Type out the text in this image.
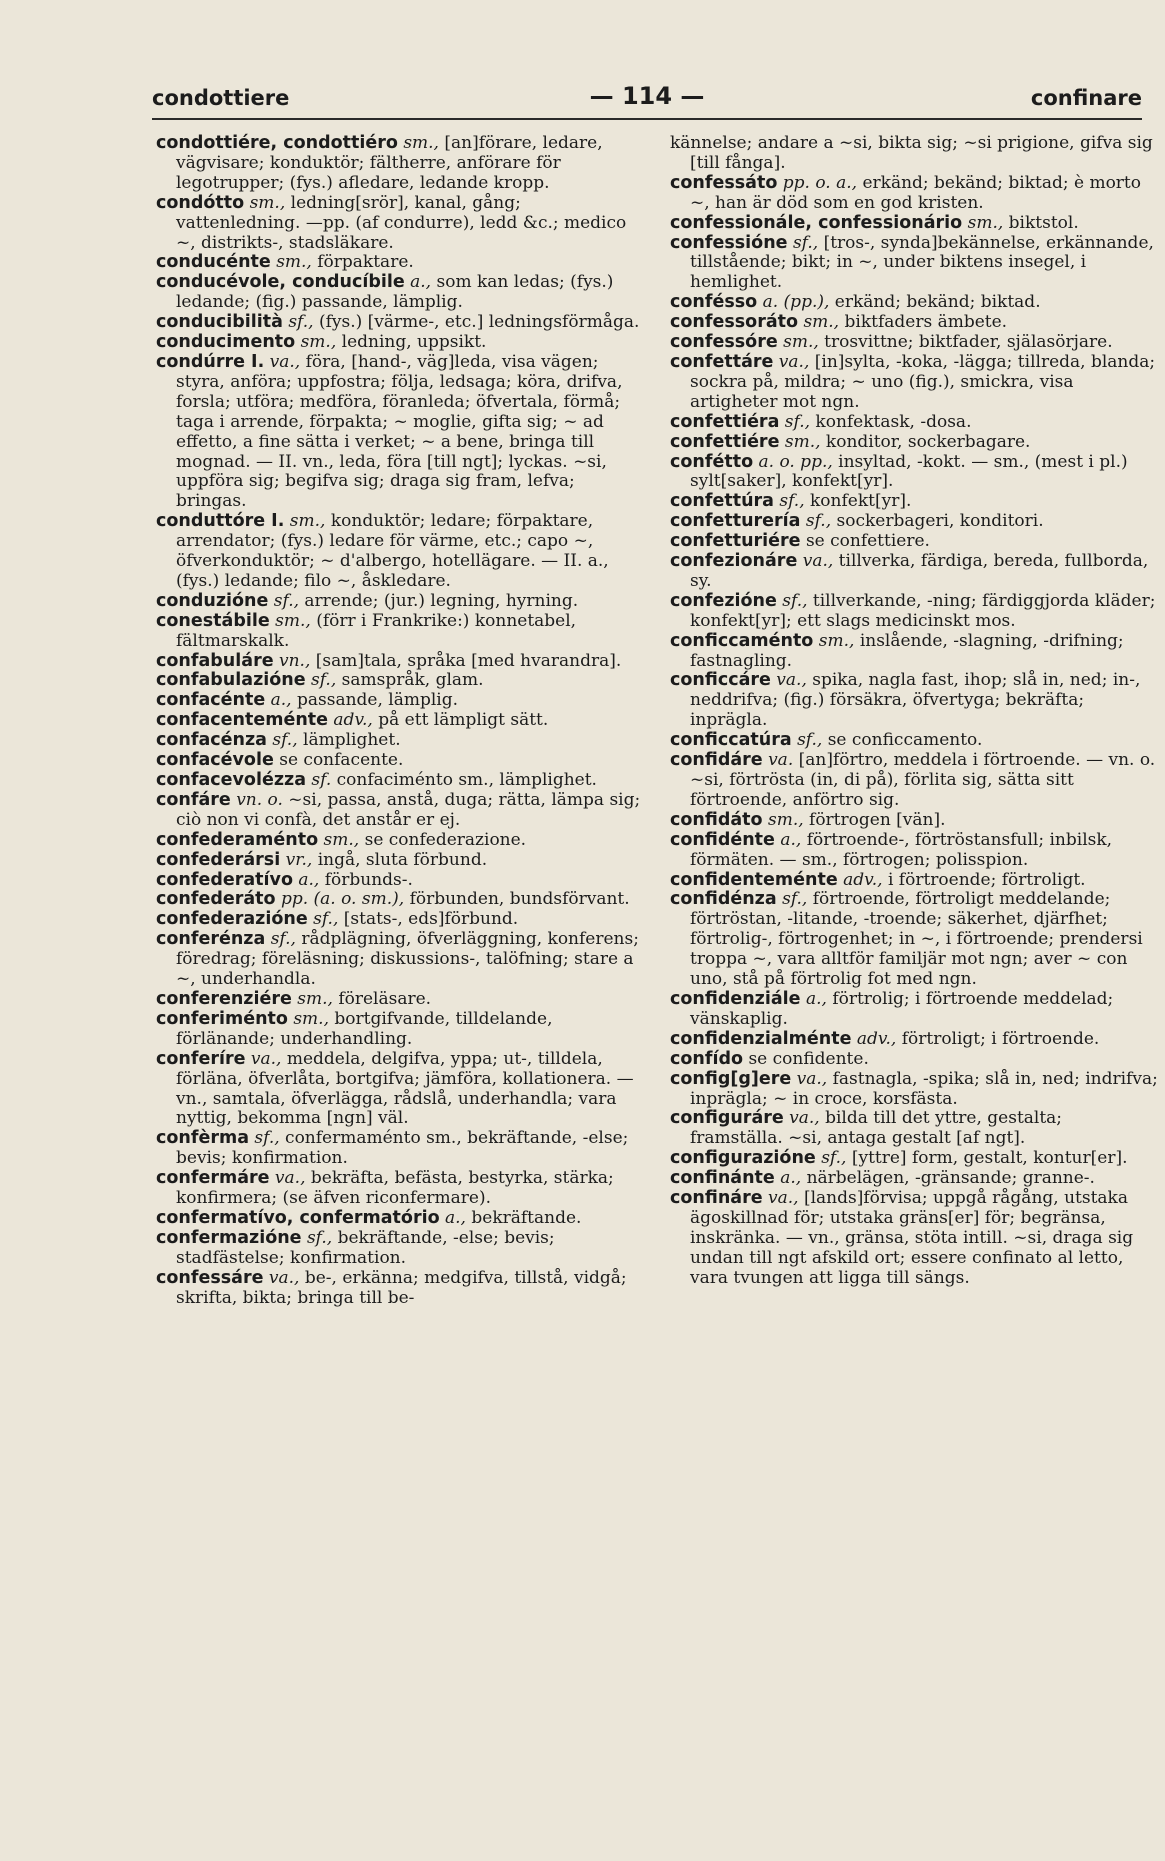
— 114 —
condottiere	confinare

condottiére, condottiéro sm., [an]förare, ledare, vägvisare; konduktör; fältherre, anförare för legotrupper; (fys.) afledare, ledande kropp.

condótto sm., ledning[srör], kanal, gång; vattenledning. —pp. (af condurre), ledd &c.; medico ~, distrikts-, stadsläkare.

conducénte sm., förpaktare.

conducévole, conducíbile a., som kan ledas; (fys.) ledande; (fig.) passande, lämplig.

conducibilità sf., (fys.) [värme-, etc.] ledningsförmåga.

conducimento sm., ledning, uppsikt.

condúrre I. va., föra, [hand-, väg]leda, visa vägen; styra, anföra; uppfostra; följa, ledsaga; köra, drifva, forsla; utföra; medföra, föranleda; öfvertala, förmå; taga i arrende, förpakta; ~ moglie, gifta sig; ~ ad effetto, a fine sätta i verket; ~ a bene, bringa till mognad. — II. vn., leda, föra [till ngt]; lyckas. ~si, uppföra sig; begifva sig; draga sig fram, lefva; bringas.

conduttóre I. sm., konduktör; ledare; förpaktare, arrendator; (fys.) ledare för värme, etc.; capo ~, öfverkonduktör; ~ d'albergo, hotellägare. — II. a., (fys.) ledande; filo ~, åskledare.

conduzióne sf., arrende; (jur.) legning, hyrning.

conestábile sm., (förr i Frankrike:) konnetabel, fältmarskalk.

confabuláre vn., [sam]tala, språka [med hvarandra].

confabulazióne sf., samspråk, glam.

confacénte a., passande, lämplig.

confacenteménte adv., på ett lämpligt sätt.

confacénza sf., lämplighet.

confacévole se confacente.

confacevolézza sf. confaciménto sm., lämplighet.

confáre vn. o. ~si, passa, anstå, duga; rätta, lämpa sig; ciò non vi confà, det anstår er ej.

confederaménto sm., se confederazione.

confederársi vr., ingå, sluta förbund.

confederatívo a., förbunds-.

confederáto pp. (a. o. sm.), förbunden, bundsförvant.

confederazióne sf., [stats-, eds]förbund.

conferénza sf., rådplägning, öfverläggning, konferens; föredrag; föreläsning; diskussions-, talöfning; stare a ~, underhandla.

conferenziére sm., föreläsare.

conferiménto sm., bortgifvande, tilldelande, förlänande; underhandling.

conferíre va., meddela, delgifva, yppa; ut-, tilldela, förläna, öfverlåta, bortgifva; jämföra, kollationera. — vn., samtala, öfverlägga, rådslå, underhandla; vara nyttig, bekomma [ngn] väl.

confèrma sf., confermaménto sm., bekräftande, -else; bevis; konfirmation.

confermáre va., bekräfta, befästa, bestyrka, stärka; konfirmera; (se äfven riconfermare).

confermatívo, confermatório a., bekräftande.

confermazióne sf., bekräftande, -else; bevis; stadfästelse; konfirmation.

confessáre va., be-, erkänna; medgifva, tillstå, vidgå; skrifta, bikta; bringa till be-

kännelse; andare a ~si, bikta sig; ~si prigione, gifva sig [till fånga].

confessáto pp. o. a., erkänd; bekänd; biktad; è morto ~, han är död som en god kristen.

confessionále, confessionário sm., biktstol.

confessióne sf., [tros-, synda]bekännelse, erkännande, tillstående; bikt; in ~, under biktens insegel, i hemlighet.

confésso a. (pp.), erkänd; bekänd; biktad.

confessoráto sm., biktfaders ämbete.

confessóre sm., trosvittne; biktfader, själasörjare.

confettáre va., [in]sylta, -koka, -lägga; tillreda, blanda; sockra på, mildra; ~ uno (fig.), smickra, visa artigheter mot ngn.

confettiéra sf., konfektask, -dosa.

confettiére sm., konditor, sockerbagare.

confétto a. o. pp., insyltad, -kokt. — sm., (mest i pl.) sylt[saker], konfekt[yr].

confettúra sf., konfekt[yr].

confetturería sf., sockerbageri, konditori.

confetturiére se confettiere.

confezionáre va., tillverka, färdiga, bereda, fullborda, sy.

confezióne sf., tillverkande, -ning; färdiggjorda kläder; konfekt[yr]; ett slags medicinskt mos.

conficcaménto sm., inslående, -slagning, -drifning; fastnagling.

conficcáre va., spika, nagla fast, ihop; slå in, ned; in-, neddrifva; (fig.) försäkra, öfvertyga; bekräfta; inprägla.

conficcatúra sf., se conficcamento.

confidáre va. [an]förtro, meddela i förtroende. — vn. o. ~si, förtrösta (in, di på), förlita sig, sätta sitt förtroende, anförtro sig.

confidáto sm., förtrogen [vän].

confidénte a., förtroende-, förtröstansfull; inbilsk, förmäten. — sm., förtrogen; polisspion.

confidenteménte adv., i förtroende; förtroligt.

confidénza sf., förtroende, förtroligt meddelande; förtröstan, -litande, -troende; säkerhet, djärfhet; förtrolig-, förtrogenhet; in ~, i förtroende; prendersi troppa ~, vara alltför familjär mot ngn; aver ~ con uno, stå på förtrolig fot med ngn.

confidenziále a., förtrolig; i förtroende meddelad; vänskaplig.

confidenzialménte adv., förtroligt; i förtroende.

confído se confidente.

config[g]ere va., fastnagla, -spika; slå in, ned; indrifva; inprägla; ~ in croce, korsfästa.

configuráre va., bilda till det yttre, gestalta; framställa. ~si, antaga gestalt [af ngt].

configurazióne sf., [yttre] form, gestalt, kontur[er].

confinánte a., närbelägen, -gränsande; granne-.

confináre va., [lands]förvisa; uppgå rågång, utstaka ägoskillnad för; utstaka gräns[er] för; begränsa, inskränka. — vn., gränsa, stöta intill. ~si, draga sig undan till ngt afskild ort; essere confinato al letto, vara tvungen att ligga till sängs.
